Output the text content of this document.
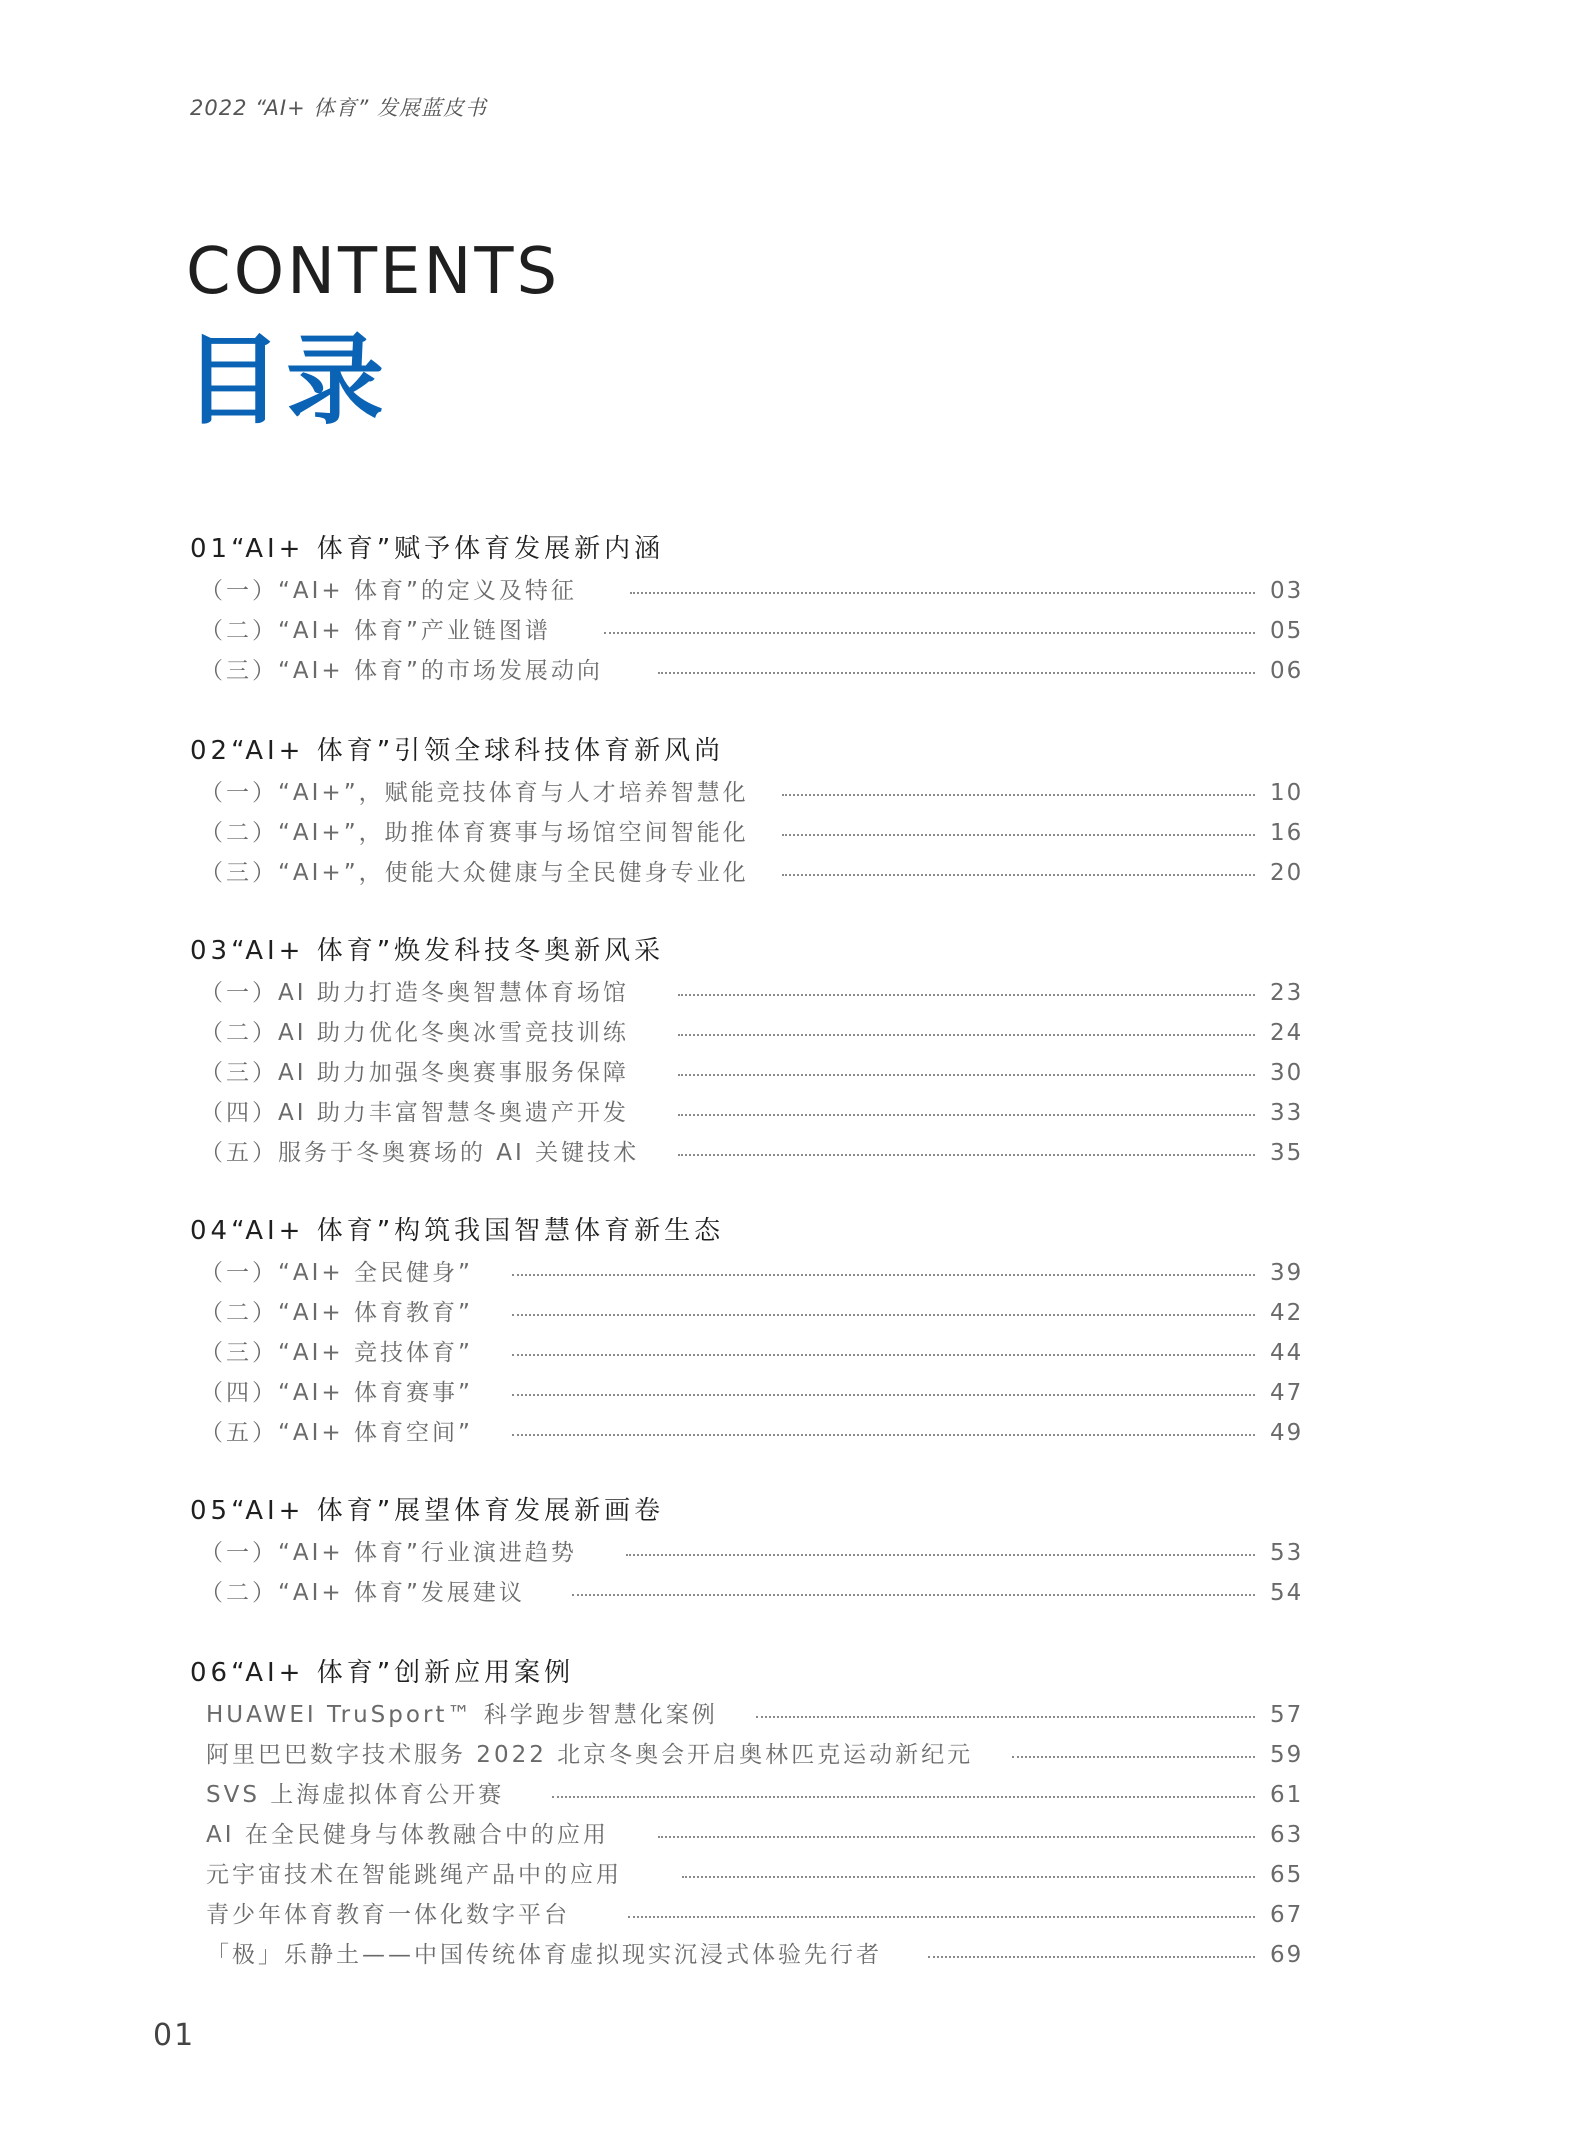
2022 “AI+ 体育” 发展蓝皮书
CONTENTS
目录
01“AI+ 体育”赋予体育发展新内涵
（一）“AI+ 体育”的定义及特征	03
（二）“AI+ 体育”产业链图谱	05
（三）“AI+ 体育”的市场发展动向	06
02“AI+ 体育”引领全球科技体育新风尚
（一）“AI+”，赋能竞技体育与人才培养智慧化	10
（二）“AI+”，助推体育赛事与场馆空间智能化	16
（三）“AI+”，使能大众健康与全民健身专业化	20
03“AI+ 体育”焕发科技冬奥新风采
（一）AI 助力打造冬奥智慧体育场馆	23
（二）AI 助力优化冬奥冰雪竞技训练	24
（三）AI 助力加强冬奥赛事服务保障	30
（四）AI 助力丰富智慧冬奥遗产开发	33
（五）服务于冬奥赛场的 AI 关键技术	35
04“AI+ 体育”构筑我国智慧体育新生态
（一）“AI+ 全民健身”	39
（二）“AI+ 体育教育”	42
（三）“AI+ 竞技体育”	44
（四）“AI+ 体育赛事”	47
（五）“AI+ 体育空间”	49
05“AI+ 体育”展望体育发展新画卷
（一）“AI+ 体育”行业演进趋势	53
（二）“AI+ 体育”发展建议	54
06“AI+ 体育”创新应用案例
HUAWEI TruSport™ 科学跑步智慧化案例	57
阿里巴巴数字技术服务 2022 北京冬奥会开启奥林匹克运动新纪元	59
SVS 上海虚拟体育公开赛	61
AI 在全民健身与体教融合中的应用	63
元宇宙技术在智能跳绳产品中的应用	65
青少年体育教育一体化数字平台	67
「极」乐静土——中国传统体育虚拟现实沉浸式体验先行者	69
01
